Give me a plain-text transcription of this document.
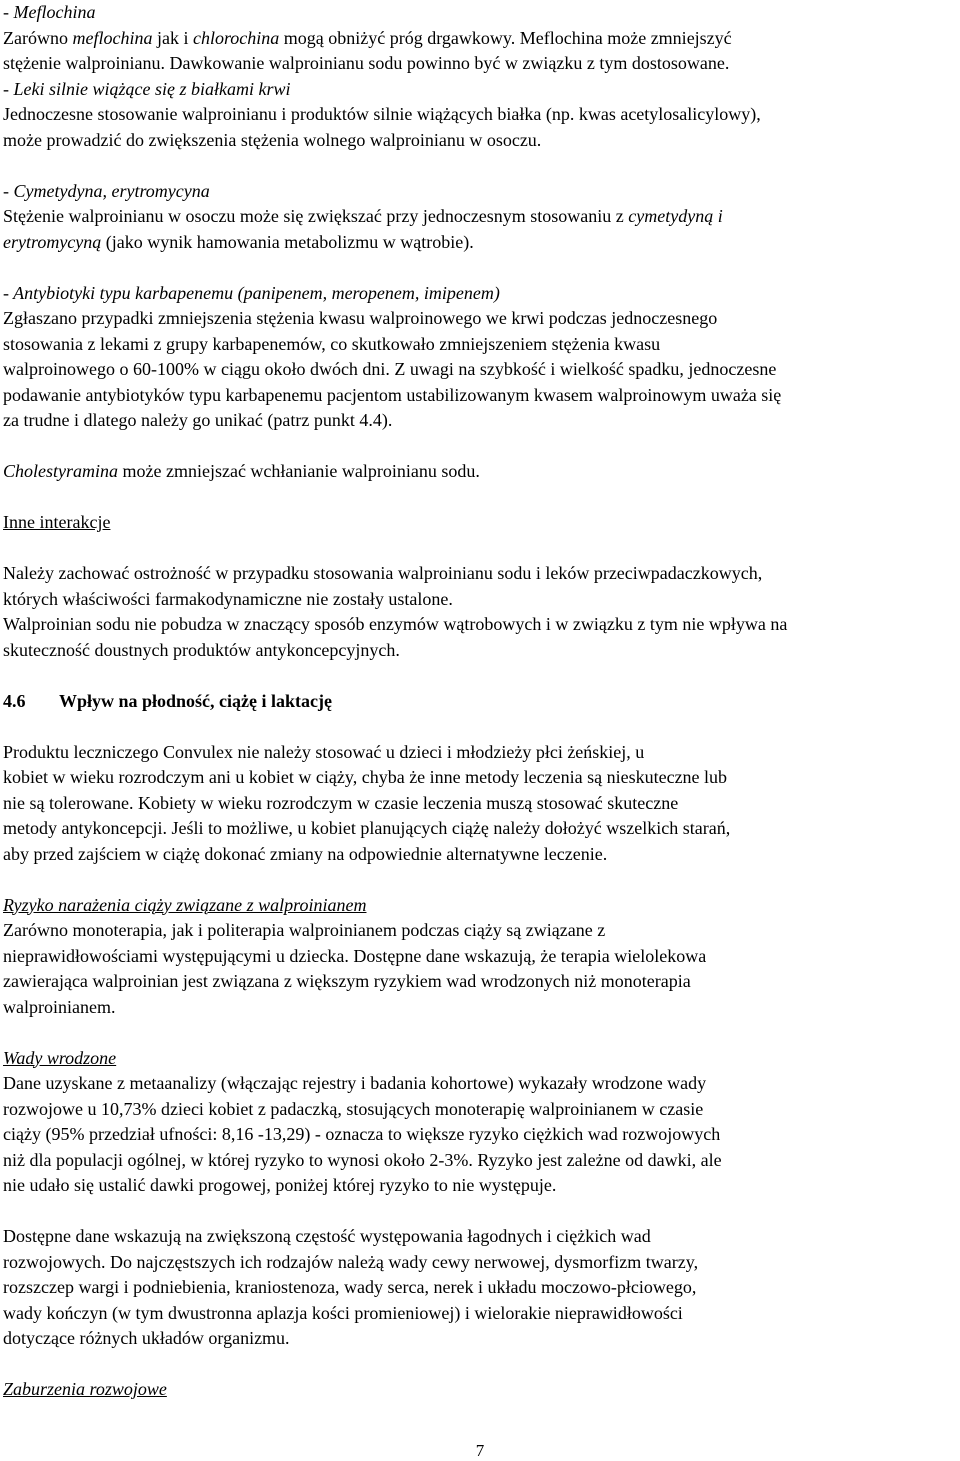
- Meflochina
Zarówno meflochina jak i chlorochina mogą obniżyć próg drgawkowy. Meflochina może zmniejszyć
stężenie walproinianu. Dawkowanie walproinianu sodu powinno być w związku z tym dostosowane.
- Leki silnie wiążące się z białkami krwi
Jednoczesne stosowanie walproinianu i produktów silnie wiążących białka (np. kwas acetylosalicylowy),
może prowadzić do zwiększenia stężenia wolnego walproinianu w osoczu.
- Cymetydyna, erytromycyna
Stężenie walproinianu w osoczu może się zwiększać przy jednoczesnym stosowaniu z cymetydyną i
erytromycyną (jako wynik hamowania metabolizmu w wątrobie).
- Antybiotyki typu karbapenemu (panipenem, meropenem, imipenem)
Zgłaszano przypadki zmniejszenia stężenia kwasu walproinowego we krwi podczas jednoczesnego
stosowania z lekami z grupy karbapenemów, co skutkowało zmniejszeniem stężenia kwasu
walproinowego o 60-100% w ciągu około dwóch dni. Z uwagi na szybkość i wielkość spadku, jednoczesne
podawanie antybiotyków typu karbapenemu pacjentom ustabilizowanym kwasem walproinowym uważa się
za trudne i dlatego należy go unikać (patrz punkt 4.4).
Cholestyramina może zmniejszać wchłanianie walproinianu sodu.
Inne interakcje
Należy zachować ostrożność w przypadku stosowania walproinianu sodu i leków przeciwpadaczkowych,
których właściwości farmakodynamiczne nie zostały ustalone.
Walproinian sodu nie pobudza w znaczący sposób enzymów wątrobowych i w związku z tym nie wpływa na
skuteczność doustnych produktów antykoncepcyjnych.
4.6 Wpływ na płodność, ciążę i laktację
Produktu leczniczego Convulex nie należy stosować u dzieci i młodzieży płci żeńskiej, u
kobiet w wieku rozrodczym ani u kobiet w ciąży, chyba że inne metody leczenia są nieskuteczne lub
nie są tolerowane. Kobiety w wieku rozrodczym w czasie leczenia muszą stosować skuteczne
metody antykoncepcji. Jeśli to możliwe, u kobiet planujących ciążę należy dołożyć wszelkich starań,
aby przed zajściem w ciążę dokonać zmiany na odpowiednie alternatywne leczenie.
Ryzyko narażenia ciąży związane z walproinianem
Zarówno monoterapia, jak i politerapia walproinianem podczas ciąży są związane z
nieprawidłowościami występującymi u dziecka. Dostępne dane wskazują, że terapia wielolekowa
zawierająca walproinian jest związana z większym ryzykiem wad wrodzonych niż monoterapia
walproinianem.
Wady wrodzone
Dane uzyskane z metaanalizy (włączając rejestry i badania kohortowe) wykazały wrodzone wady
rozwojowe u 10,73% dzieci kobiet z padaczką, stosujących monoterapię walproinianem w czasie
ciąży (95% przedział ufności: 8,16 -13,29) - oznacza to większe ryzyko ciężkich wad rozwojowych
niż dla populacji ogólnej, w której ryzyko to wynosi około 2-3%. Ryzyko jest zależne od dawki, ale
nie udało się ustalić dawki progowej, poniżej której ryzyko to nie występuje.
Dostępne dane wskazują na zwiększoną częstość występowania łagodnych i ciężkich wad
rozwojowych. Do najczęstszych ich rodzajów należą wady cewy nerwowej, dysmorfizm twarzy,
rozszczep wargi i podniebienia, kraniostenoza, wady serca, nerek i układu moczowo-płciowego,
wady kończyn (w tym dwustronna aplazja kości promieniowej) i wielorakie nieprawidłowości
dotyczące różnych układów organizmu.
Zaburzenia rozwojowe
7
